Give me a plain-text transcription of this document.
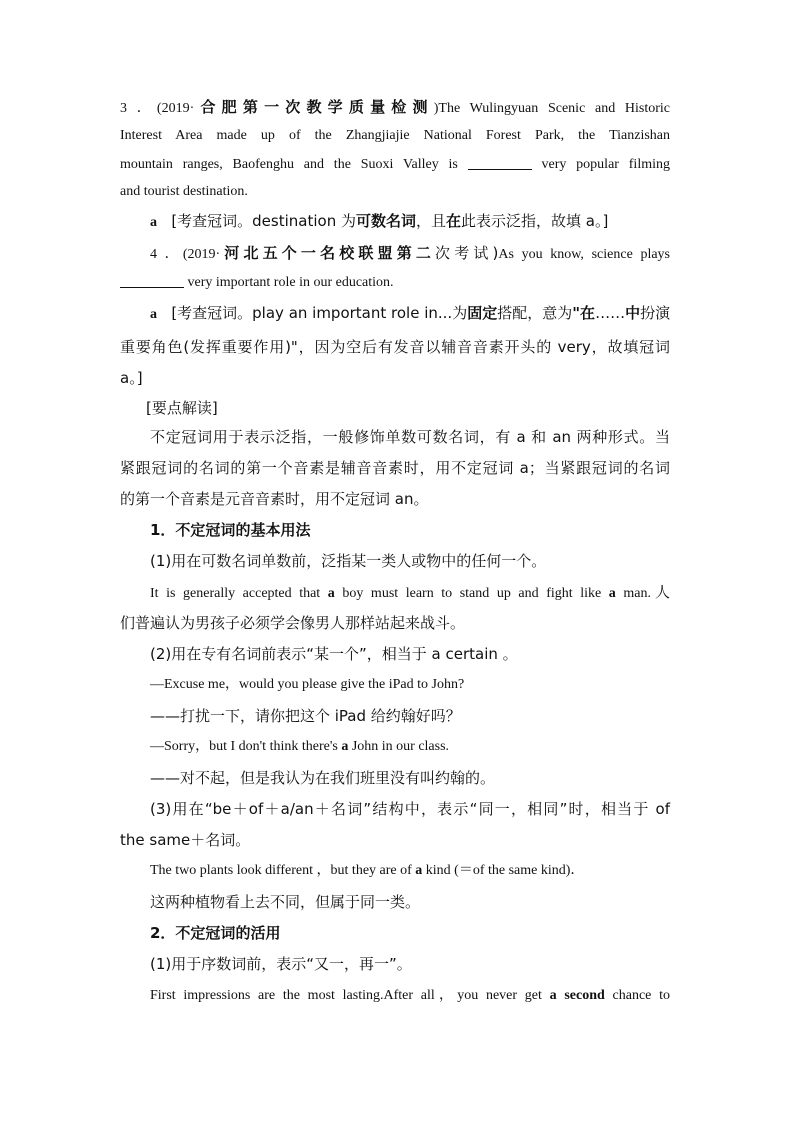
3 ．(2019·合肥第一次教学质量检测)The Wulingyuan Scenic and Historic
Interest Area made up of the Zhangjiajie National Forest Park, the Tianzishan
mountain ranges, Baofenghu and the Suoxi Valley is	very popular filming
and tourist destination.
a [考查冠词。destination 为可数名词，且在此表示泛指，故填 a。]
4 ．(2019·河北五个一名校联盟第二次考试)As you know, science plays
very important role in our education.
a [考查冠词。play an important role in...为固定搭配，意为"在……中扮演
重要角色(发挥重要作用)"，因为空后有发音以辅音音素开头的 very，故填冠词
a。]
[要点解读]
不定冠词用于表示泛指，一般修饰单数可数名词，有 a 和 an 两种形式。当
紧跟冠词的名词的第一个音素是辅音音素时，用不定冠词 a；当紧跟冠词的名词
的第一个音素是元音音素时，用不定冠词 an。
1．不定冠词的基本用法
(1)用在可数名词单数前，泛指某一类人或物中的任何一个。
It is generally accepted that a boy must learn to stand up and fight like a man.人
们普遍认为男孩子必须学会像男人那样站起来战斗。
(2)用在专有名词前表示“某一个”，相当于 a certain 。
—Excuse me，would you please give the iPad to John?
——打扰一下，请你把这个 iPad 给约翰好吗？
—Sorry，but I don't think there's a John in our class.
——对不起，但是我认为在我们班里没有叫约翰的。
(3)用在“be＋of＋a/an＋名词”结构中，表示“同一，相同”时，相当于 of
the same＋名词。
The two plants look different ，but they are of a kind (＝of the same kind)．
这两种植物看上去不同，但属于同一类。
2．不定冠词的活用
(1)用于序数词前，表示“又一，再一”。
First impressions are the most lasting.After all，you never get a second chance to
